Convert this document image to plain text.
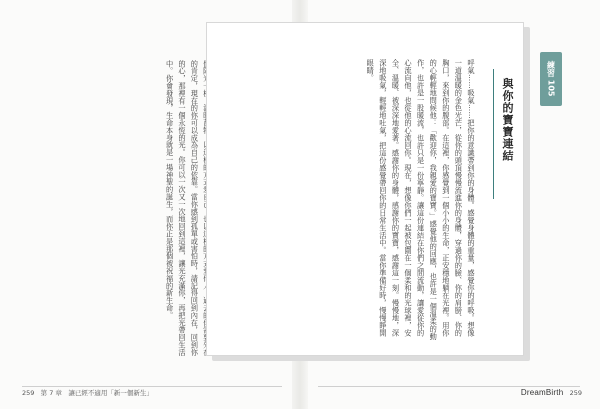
的肯定，現在的你可以成為自己的依靠。當你感到孤單或害怕時，請記得回到內在，回到你的心，那裡有一個永恆的光。你可以一次又一次地回到這裡，讓光充滿你，再把光帶回生活中。你會發現，生命本身就是一場神聖的誕生，而你正是那個被祝福的新生命。
259 第 7 章　讓已經不適用「新一個新生」	DreamBirth 259
呼氣……吸氣……把你的意識帶到你的身體。感覺身體的重量，感覺你的呼吸。想像一道溫暖的金色光芒，從你的頭頂慢慢流進你的身體，穿過你的臉、你的肩膀、你的胸口，來到你的腹部。在這裡，你感覺到一個小小的生命，正安穩地躺在光裡。用你的心輕輕地問候他：「歡迎你，我親愛的寶寶。」感覺他的回應，也許是一個溫柔的動作，也許是一股暖流，也許只是一份寧靜。讓這份連結在你們之間流動，讓愛從你的心流向他，也從他的心流回你。現在，想像你們一起被包圍在一個柔和的光球裡，安全、溫暖、被深深地愛著。感謝你的身體，感謝你的寶寶，感謝這一刻。慢慢地，深深地吸氣，輕輕地吐氣，把這份感覺帶回你的日常生活中。當你準備好時，慢慢睜開眼睛。
與你的寶寶連結	練習 105
